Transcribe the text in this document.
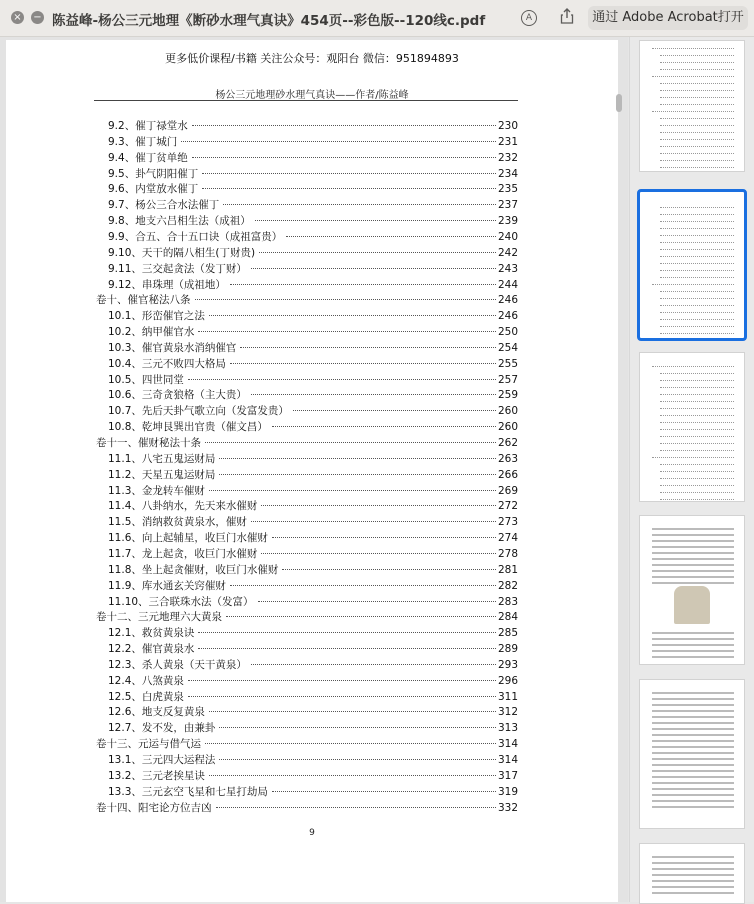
× − 陈益峰-杨公三元地理《断砂水理气真诀》454页--彩色版--120线c.pdf	A	通过 Adobe Acrobat打开
更多低价课程/书籍 关注公众号：观阳台 微信：951894893
杨公三元地理砂水理气真诀——作者/陈益峰
9.2、催丁禄堂水	230
9.3、催丁城门	231
9.4、催丁贫单绝	232
9.5、卦气阴阳催丁	234
9.6、内堂放水催丁	235
9.7、杨公三合水法催丁	237
9.8、地支六吕相生法（成祖）	239
9.9、合五、合十五口诀（成祖富贵）	240
9.10、天干的隔八相生(丁财贵)	242
9.11、三交起贪法（发丁财）	243
9.12、串珠理（成祖地）	244
卷十、催官秘法八条	246
10.1、形峦催官之法	246
10.2、纳甲催官水	250
10.3、催官黄泉水消纳催官	254
10.4、三元不败四大格局	255
10.5、四世同堂	257
10.6、三奇贪狼格（主大贵）	259
10.7、先后天卦气歌立向（发富发贵）	260
10.8、乾坤艮巽出官贵（催文昌）	260
卷十一、催财秘法十条	262
11.1、八宅五鬼运财局	263
11.2、天星五鬼运财局	266
11.3、金龙转车催财	269
11.4、八卦纳水，先天来水催财	272
11.5、消纳救贫黄泉水，催财	273
11.6、向上起辅星，收巨门水催财	274
11.7、龙上起贪，收巨门水催财	278
11.8、坐上起贪催财，收巨门水催财	281
11.9、库水通玄关窍催财	282
11.10、三合联珠水法（发富）	283
卷十二、三元地理六大黄泉	284
12.1、救贫黄泉诀	285
12.2、催官黄泉水	289
12.3、杀人黄泉（天干黄泉）	293
12.4、八煞黄泉	296
12.5、白虎黄泉	311
12.6、地支反复黄泉	312
12.7、发不发，由兼卦	313
卷十三、元运与借气运	314
13.1、三元四大运程法	314
13.2、三元老挨星诀	317
13.3、三元玄空飞星和七星打劫局	319
卷十四、阳宅论方位吉凶	332
9
